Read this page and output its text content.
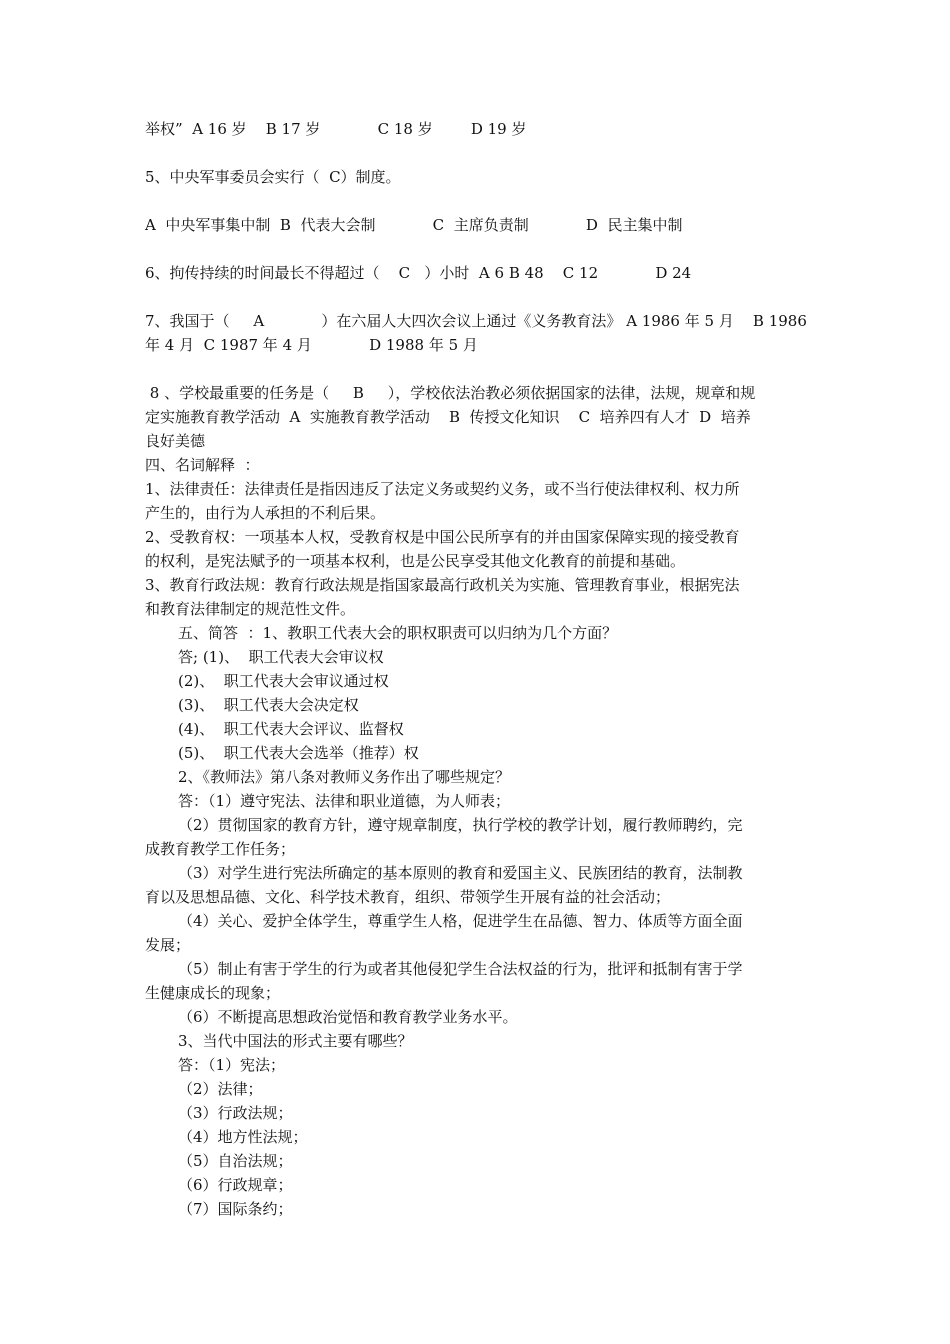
举权”  A 16 岁    B 17 岁            C 18 岁        D 19 岁
5、中央军事委员会实行（  C）制度。
A  中央军事集中制  B  代表大会制            C  主席负责制            D  民主集中制
6、拘传持续的时间最长不得超过（    C   ）小时  A 6 B 48    C 12            D 24
7、我国于（     A            ）在六届人大四次会议上通过《义务教育法》 A 1986 年 5 月    B 1986
年 4 月  C 1987 年 4 月            D 1988 年 5 月
8 、学校最重要的任务是（     B     ），学校依法治教必须依据国家的法律，法规，规章和规
定实施教育教学活动  A  实施教育教学活动    B  传授文化知识    C  培养四有人才  D  培养
良好美德
四、名词解释  ：
1、法律责任：法律责任是指因违反了法定义务或契约义务，或不当行使法律权利、权力所
产生的，由行为人承担的不利后果。
2、受教育权：一项基本人权，受教育权是中国公民所享有的并由国家保障实现的接受教育
的权利，是宪法赋予的一项基本权利，也是公民享受其他文化教育的前提和基础。
3、教育行政法规：教育行政法规是指国家最高行政机关为实施、管理教育事业，根据宪法
和教育法律制定的规范性文件。
五、简答  ：1、教职工代表大会的职权职责可以归纳为几个方面？
答; (1)、  职工代表大会审议权
(2)、  职工代表大会审议通过权
(3)、  职工代表大会决定权
(4)、  职工代表大会评议、监督权
(5)、  职工代表大会选举（推荐）权
2、《教师法》第八条对教师义务作出了哪些规定？
答：（1）遵守宪法、法律和职业道德，为人师表；
（2）贯彻国家的教育方针，遵守规章制度，执行学校的教学计划，履行教师聘约，完
成教育教学工作任务；
（3）对学生进行宪法所确定的基本原则的教育和爱国主义、民族团结的教育，法制教
育以及思想品德、文化、科学技术教育，组织、带领学生开展有益的社会活动；
（4）关心、爱护全体学生，尊重学生人格，促进学生在品德、智力、体质等方面全面
发展；
（5）制止有害于学生的行为或者其他侵犯学生合法权益的行为，批评和抵制有害于学
生健康成长的现象；
（6）不断提高思想政治觉悟和教育教学业务水平。
3、当代中国法的形式主要有哪些？
答：（1）宪法；
（2）法律；
（3）行政法规；
（4）地方性法规；
（5）自治法规；
（6）行政规章；
（7）国际条约；
